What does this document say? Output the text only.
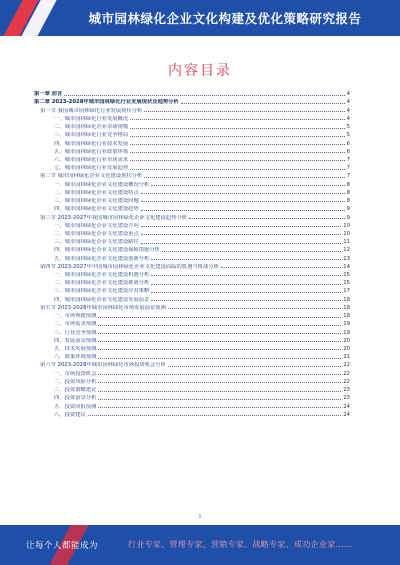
城市园林绿化企业文化构建及优化策略研究报告
内容目录
第一章 前言	4
第二章 2023-2028年城市园林绿化行业发展现状及趋势分析	4
第一节 我国城市园林绿化行业发展现状分析	4
一、城市园林绿化行业发展概况	4
二、城市园林绿化企业市场规模	5
三、城市园林绿化行业竞争格局	5
四、城市园林绿化行业技术发展	6
五、城市园林绿化行业政策环境	6
六、城市园林绿化行业市场需求	7
七、城市园林绿化行业发展趋势	7
第二节 城市园林绿化企业文化建设现状分析	7
一、城市园林绿化企业文化建设概况分析	8
二、城市园林绿化企业文化建设特点	8
三、城市园林绿化企业文化建设问题	8
四、城市园林绿化企业文化建设趋势	9
第三节 2023-2027年我国城市园林绿化企业文化建设趋势分析	9
一、城市园林绿化企业文化建设方向	10
二、城市园林绿化企业文化建设重点	10
三、城市园林绿化企业文化建设路径	11
四、城市园林绿化企业文化建设保障措施分析	12
五、城市园林绿化企业文化建设创新分析	13
第四节 2023-2027年中国城市园林绿化企业文化建设面临的机遇与挑战分析	14
一、城市园林绿化企业文化建设机遇分析	15
二、城市园林绿化企业文化建设挑战分析	15
三、城市园林绿化企业文化建设应对策略	17
四、城市园林绿化企业文化建设发展前景	18
第五节 2023-2028年城市园林绿化市场发展前景预测	18
一、市场规模预测	18
二、市场需求预测	19
三、行业竞争预测	19
四、发展前景预测	20
五、技术发展预测	20
六、政策环境预测	21
第六节 2023-2028年城市园林绿化市场投资机会分析	22
一、市场投资机会	22
二、投资风险分析	22
三、投资策略建议	23
四、投资前景分析	23
五、投资回报预测	24
六、投资建议	24
1
让每个人都能成为	行业专家、管理专家、营销专家、战略专家、成功企业家……
